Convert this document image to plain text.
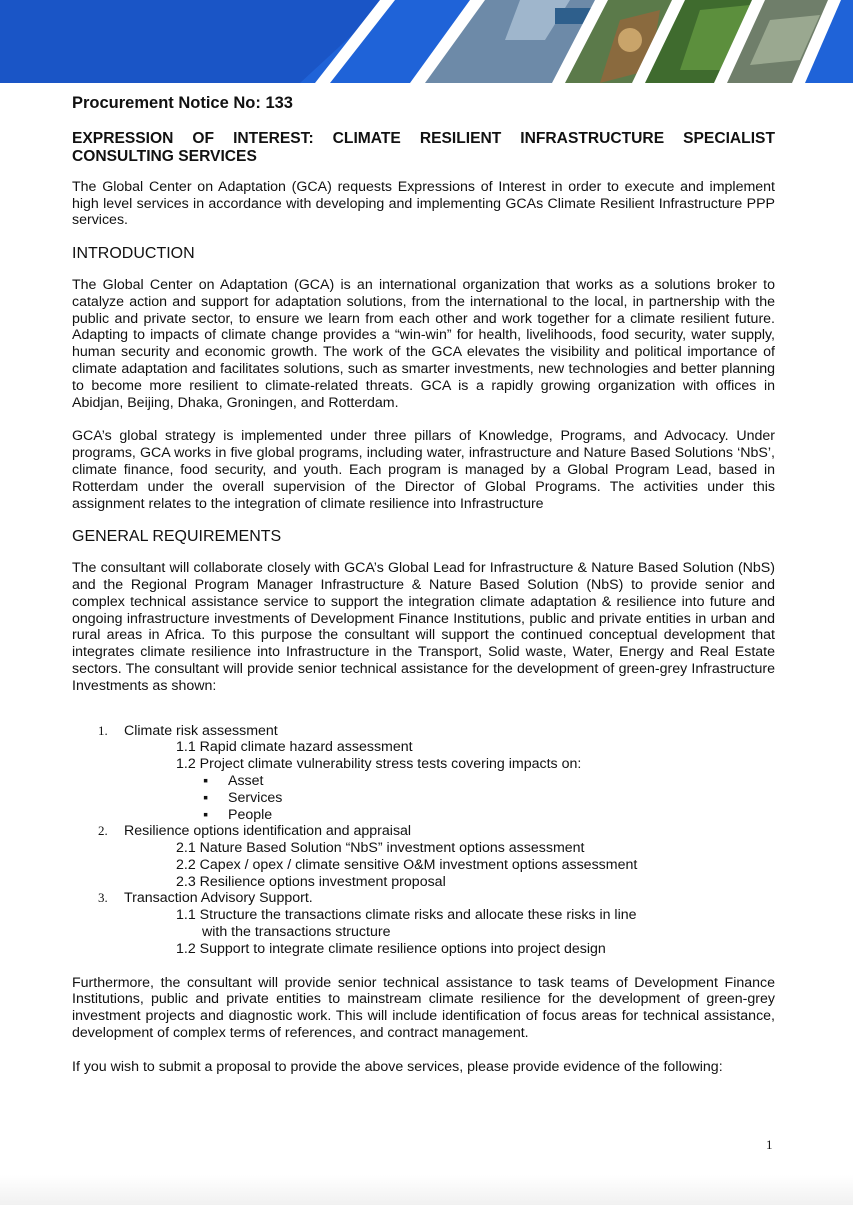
Procurement Notice No: 133
EXPRESSION OF INTEREST: CLIMATE RESILIENT INFRASTRUCTURE SPECIALIST
CONSULTING SERVICES

The Global Center on Adaptation (GCA) requests Expressions of Interest in order to execute and implement high level services in accordance with developing and implementing GCAs Climate Resilient Infrastructure PPP services.

INTRODUCTION

The Global Center on Adaptation (GCA) is an international organization that works as a solutions broker to catalyze action and support for adaptation solutions, from the international to the local, in partnership with the public and private sector, to ensure we learn from each other and work together for a climate resilient future. Adapting to impacts of climate change provides a “win-win” for health, livelihoods, food security, water supply, human security and economic growth. The work of the GCA elevates the visibility and political importance of climate adaptation and facilitates solutions, such as smarter investments, new technologies and better planning to become more resilient to climate-related threats. GCA is a rapidly growing organization with offices in Abidjan, Beijing, Dhaka, Groningen, and Rotterdam.

GCA’s global strategy is implemented under three pillars of Knowledge, Programs, and Advocacy. Under programs, GCA works in five global programs, including water, infrastructure and Nature Based Solutions ‘NbS’, climate finance, food security, and youth. Each program is managed by a Global Program Lead, based in Rotterdam under the overall supervision of the Director of Global Programs. The activities under this assignment relates to the integration of climate resilience into Infrastructure

GENERAL REQUIREMENTS

The consultant will collaborate closely with GCA’s Global Lead for Infrastructure & Nature Based Solution (NbS) and the Regional Program Manager Infrastructure & Nature Based Solution (NbS) to provide senior and complex technical assistance service to support the integration climate adaptation & resilience into future and ongoing infrastructure investments of Development Finance Institutions, public and private entities in urban and rural areas in Africa. To this purpose the consultant will support the continued conceptual development that integrates climate resilience into Infrastructure in the Transport, Solid waste, Water, Energy and Real Estate sectors. The consultant will provide senior technical assistance for the development of green-grey Infrastructure Investments as shown:

1.	Climate risk assessment
1.1 Rapid climate hazard assessment
1.2 Project climate vulnerability stress tests covering impacts on:
▪	Asset
▪	Services
▪	People
2.	Resilience options identification and appraisal
2.1 Nature Based Solution “NbS” investment options assessment
2.2 Capex / opex / climate sensitive O&M investment options assessment
2.3 Resilience options investment proposal
3.	Transaction Advisory Support.
1.1 Structure the transactions climate risks and allocate these risks in line
with the transactions structure
1.2 Support to integrate climate resilience options into project design

Furthermore, the consultant will provide senior technical assistance to task teams of Development Finance Institutions, public and private entities to mainstream climate resilience for the development of green-grey investment projects and diagnostic work. This will include identification of focus areas for technical assistance, development of complex terms of references, and contract management.

If you wish to submit a proposal to provide the above services, please provide evidence of the following:

1
